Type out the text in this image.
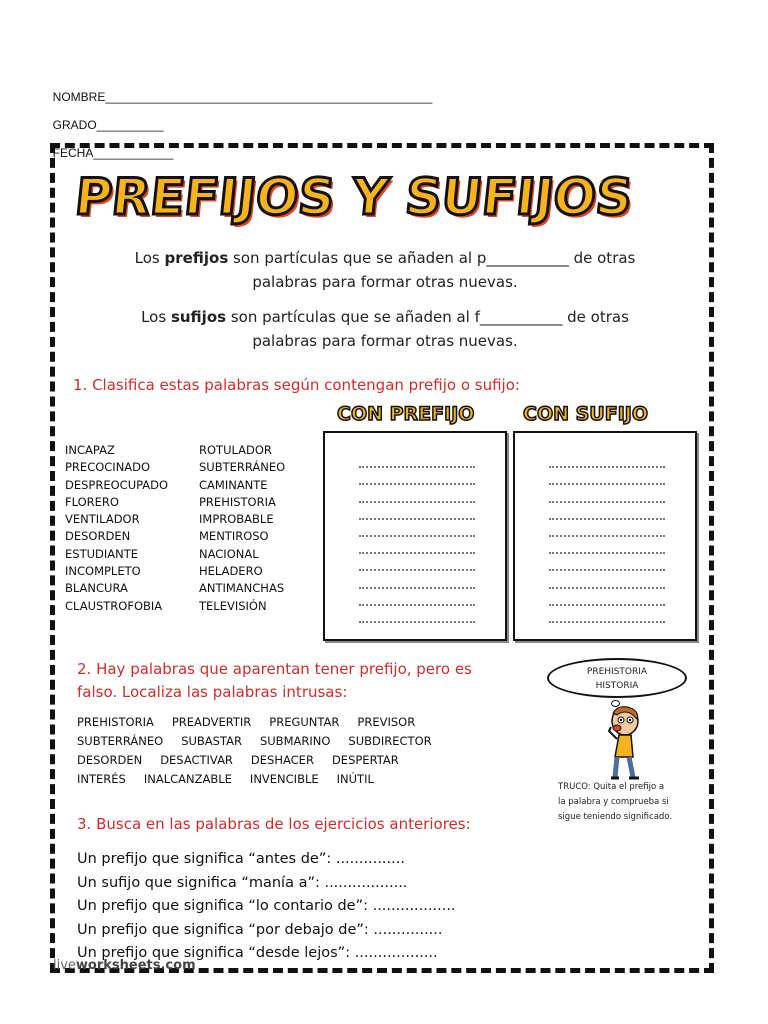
NOMBRE_________________________________________________

GRADO__________

FECHA____________

PREFIJOS Y SUFIJOS
Los prefijos son partículas que se añaden al p___________ de otras
palabras para formar otras nuevas.
Los sufijos son partículas que se añaden al f___________ de otras
palabras para formar otras nuevas.
1. Clasifica estas palabras según contengan prefijo o sufijo:
CON PREFIJO	CON SUFIJO
INCAPAZ
PRECOCINADO
DESPREOCUPADO
FLORERO
VENTILADOR
DESORDEN
ESTUDIANTE
INCOMPLETO
BLANCURA
CLAUSTROFOBIA
ROTULADOR
SUBTERRÁNEO
CAMINANTE
PREHISTORIA
IMPROBABLE
MENTIROSO
NACIONAL
HELADERO
ANTIMANCHAS
TELEVISIÓN
2. Hay palabras que aparentan tener prefijo, pero es
falso. Localiza las palabras intrusas:
PREHISTORIA PREADVERTIR PREGUNTAR PREVISOR
SUBTERRÁNEO SUBASTAR SUBMARINO SUBDIRECTOR
DESORDEN DESACTIVAR DESHACER DESPERTAR
INTERÉS INALCANZABLE INVENCIBLE INÚTIL
PREHISTORIA
HISTORIA
TRUCO: Quita el prefijo a
la palabra y comprueba si
sigue teniendo significado.
3. Busca en las palabras de los ejercicios anteriores:
Un prefijo que significa “antes de”: ...............
Un sufijo que significa “manía a”: ..................
Un prefijo que significa “lo contario de”: ..................
Un prefijo que significa “por debajo de”: ...............
Un prefijo que significa “desde lejos”: ..................
liveworksheets.com
